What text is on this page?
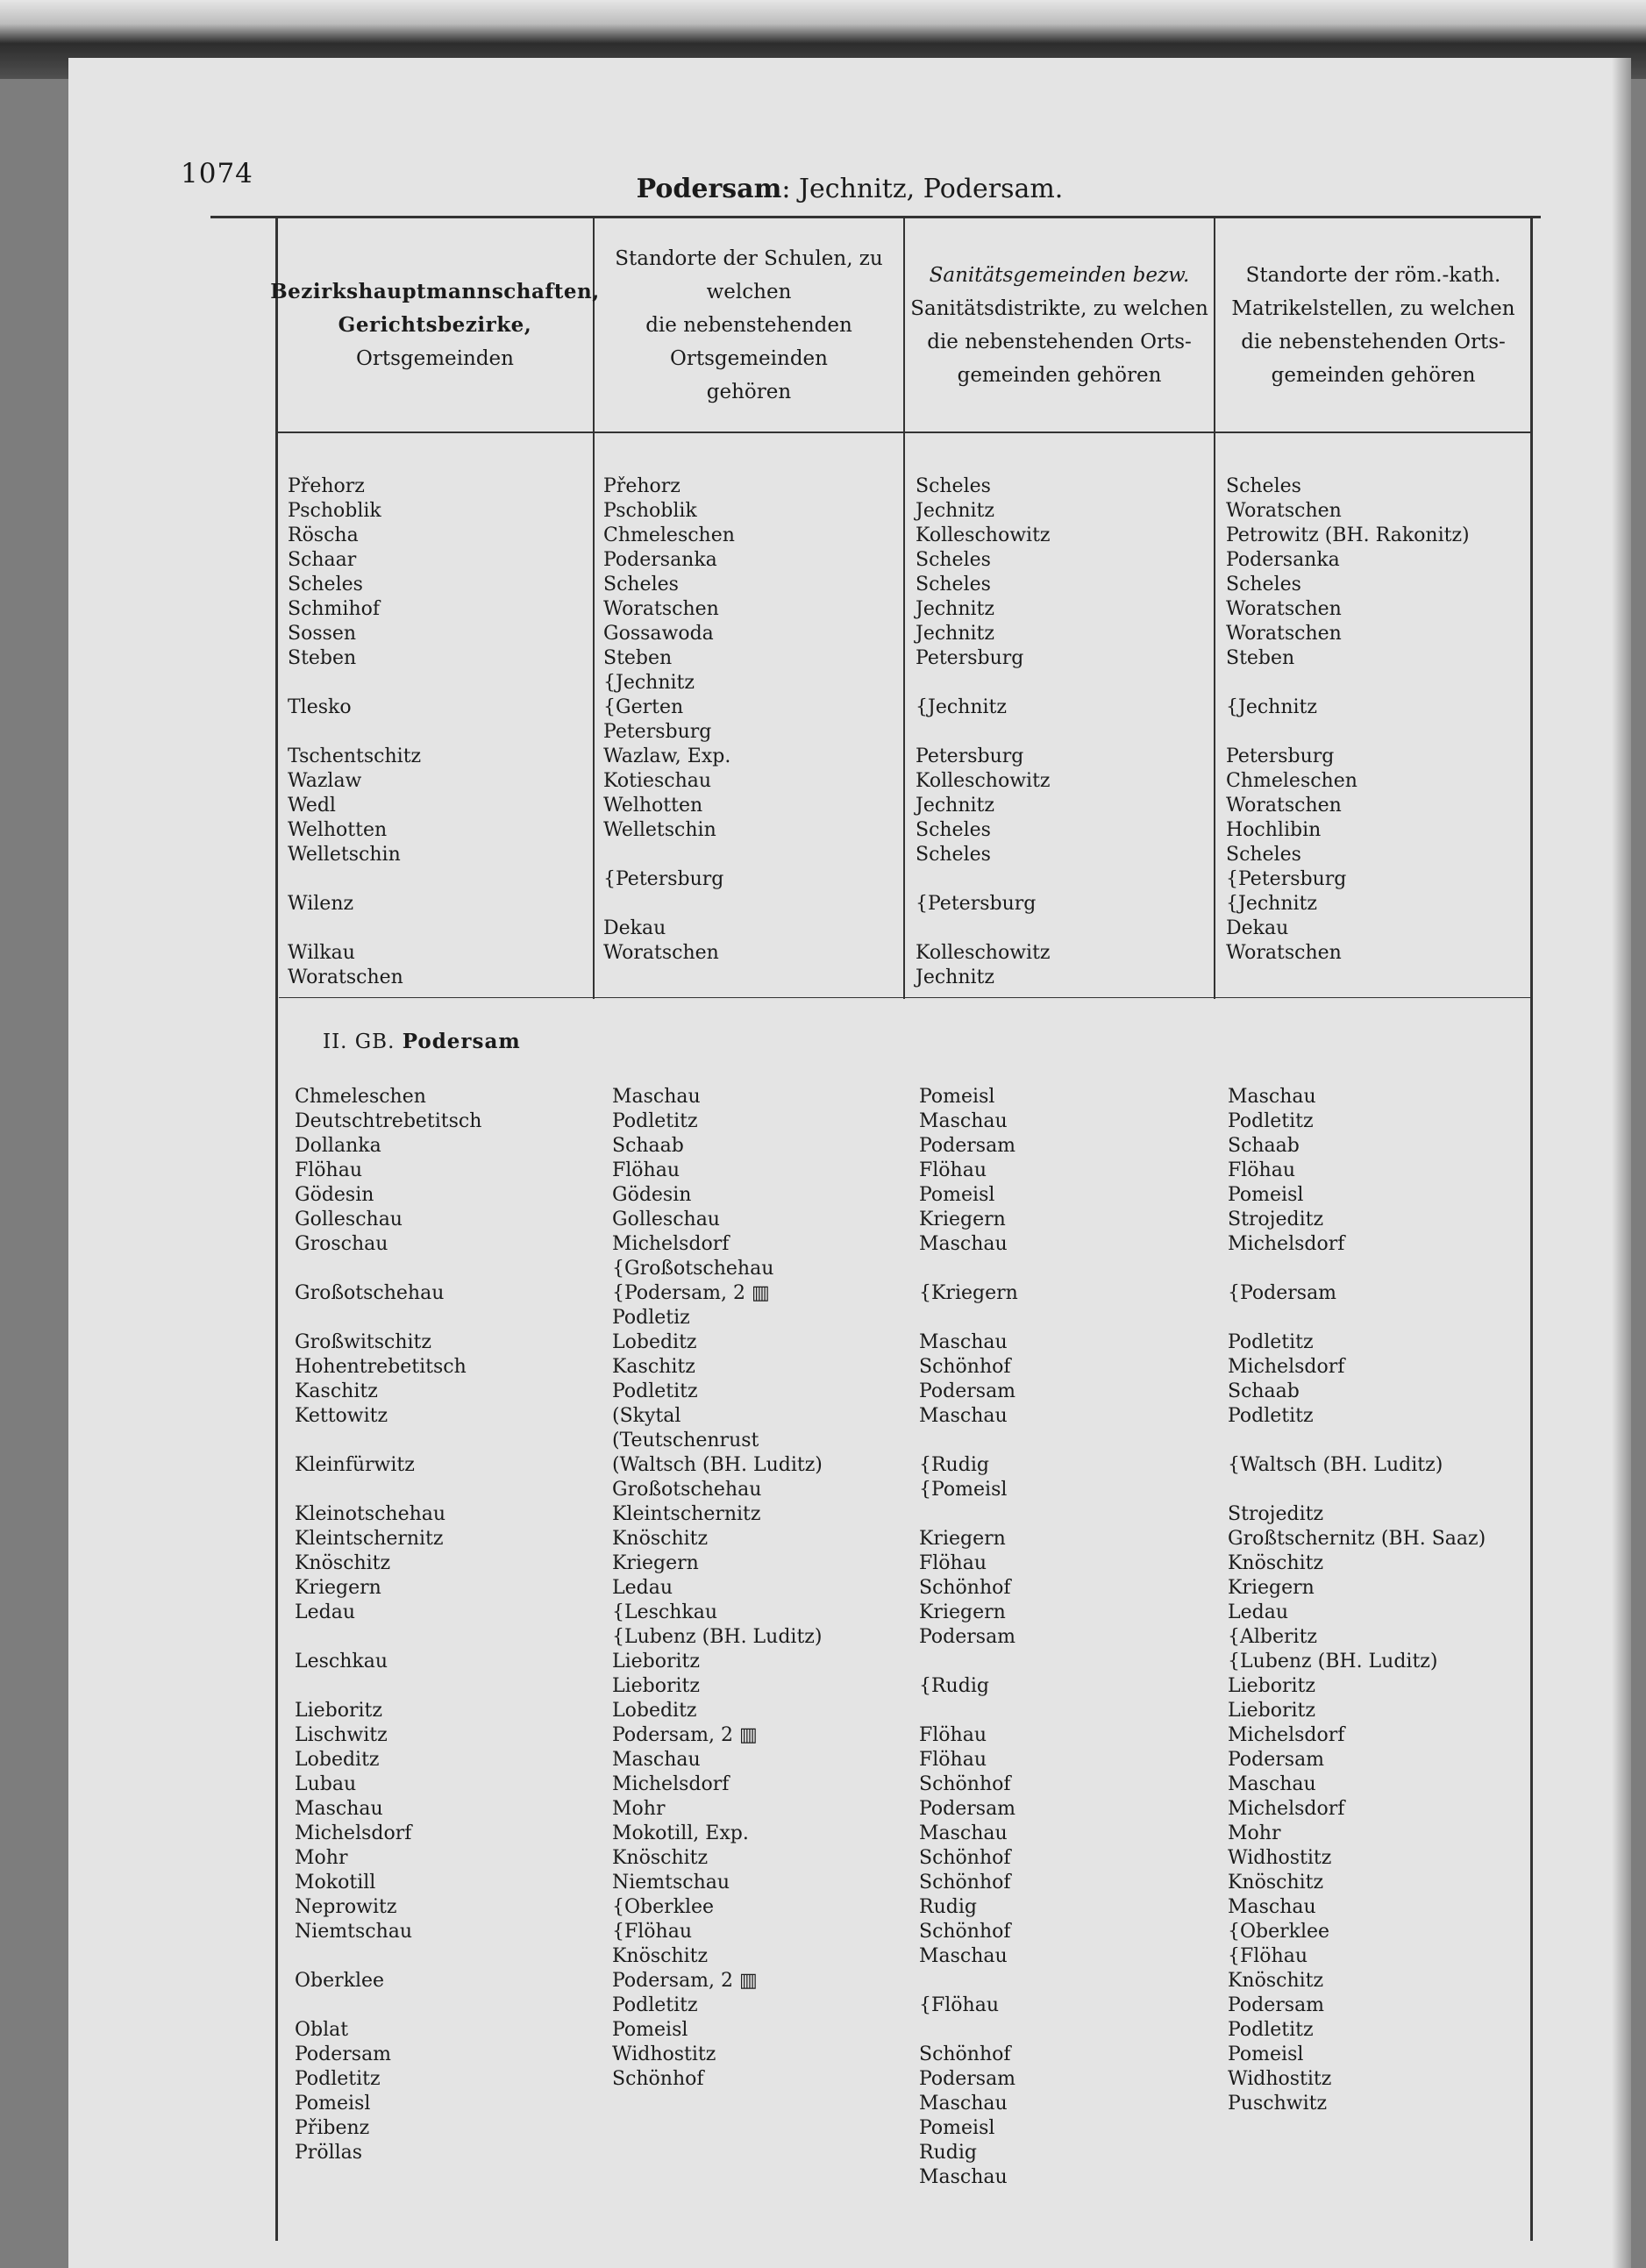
1074	Podersam: Jechnitz, Podersam.
Bezirkshauptmannschaften,
Gerichtsbezirke,
Ortsgemeinden
Standorte der Schulen, zu welchen
die nebenstehenden Ortsgemeinden
gehören
Sanitätsgemeinden bezw.
Sanitätsdistrikte, zu welchen
die nebenstehenden Orts-
gemeinden gehören
Standorte der röm.-kath.
Matrikelstellen, zu welchen
die nebenstehenden Orts-
gemeinden gehören
Přehorz
Pschoblik
Röscha
Schaar
Scheles
Schmihof
Sossen
Steben
Tlesko
Tschentschitz
Wazlaw
Wedl
Welhotten
Welletschin
Wilenz
Wilkau
Woratschen
Přehorz
Pschoblik
Chmeleschen
Podersanka
Scheles
Woratschen
Gossawoda
Steben
{Jechnitz
{Gerten
Petersburg
Wazlaw, Exp.
Kotieschau
Welhotten
Welletschin
{Petersburg
Dekau
Woratschen
Scheles
Jechnitz
Kolleschowitz
Scheles
Scheles
Jechnitz
Jechnitz
Petersburg
{Jechnitz
Petersburg
Kolleschowitz
Jechnitz
Scheles
Scheles
{Petersburg
Kolleschowitz
Jechnitz
Scheles
Woratschen
Petrowitz (BH. Rakonitz)
Podersanka
Scheles
Woratschen
Woratschen
Steben
{Jechnitz
Petersburg
Chmeleschen
Woratschen
Hochlibin
Scheles
{Petersburg
{Jechnitz
Dekau
Woratschen
II. GB. Podersam
Chmeleschen
Deutschtrebetitsch
Dollanka
Flöhau
Gödesin
Golleschau
Groschau
Großotschehau
Großwitschitz
Hohentrebetitsch
Kaschitz
Kettowitz
Kleinfürwitz
Kleinotschehau
Kleintschernitz
Knöschitz
Kriegern
Ledau
Leschkau
Lieboritz
Lischwitz
Lobeditz
Lubau
Maschau
Michelsdorf
Mohr
Mokotill
Neprowitz
Niemtschau
Oberklee
Oblat
Podersam
Podletitz
Pomeisl
Přibenz
Pröllas
Maschau
Podletitz
Schaab
Flöhau
Gödesin
Golleschau
Michelsdorf
{Großotschehau
{Podersam, 2 ▥
Podletiz
Lobeditz
Kaschitz
Podletitz
(Skytal
(Teutschenrust
(Waltsch (BH. Luditz)
Großotschehau
Kleintschernitz
Knöschitz
Kriegern
Ledau
{Leschkau
{Lubenz (BH. Luditz)
Lieboritz
Lieboritz
Lobeditz
Podersam, 2 ▥
Maschau
Michelsdorf
Mohr
Mokotill, Exp.
Knöschitz
Niemtschau
{Oberklee
{Flöhau
Knöschitz
Podersam, 2 ▥
Podletitz
Pomeisl
Widhostitz
Schönhof
Pomeisl
Maschau
Podersam
Flöhau
Pomeisl
Kriegern
Maschau
{Kriegern
Maschau
Schönhof
Podersam
Maschau
{Rudig
{Pomeisl
Kriegern
Flöhau
Schönhof
Kriegern
Podersam
{Rudig
Flöhau
Flöhau
Schönhof
Podersam
Maschau
Schönhof
Schönhof
Rudig
Schönhof
Maschau
{Flöhau
Schönhof
Podersam
Maschau
Pomeisl
Rudig
Maschau
Maschau
Podletitz
Schaab
Flöhau
Pomeisl
Strojeditz
Michelsdorf
{Podersam
Podletitz
Michelsdorf
Schaab
Podletitz
{Waltsch (BH. Luditz)
Strojeditz
Großtschernitz (BH. Saaz)
Knöschitz
Kriegern
Ledau
{Alberitz
{Lubenz (BH. Luditz)
Lieboritz
Lieboritz
Michelsdorf
Podersam
Maschau
Michelsdorf
Mohr
Widhostitz
Knöschitz
Maschau
{Oberklee
{Flöhau
Knöschitz
Podersam
Podletitz
Pomeisl
Widhostitz
Puschwitz
